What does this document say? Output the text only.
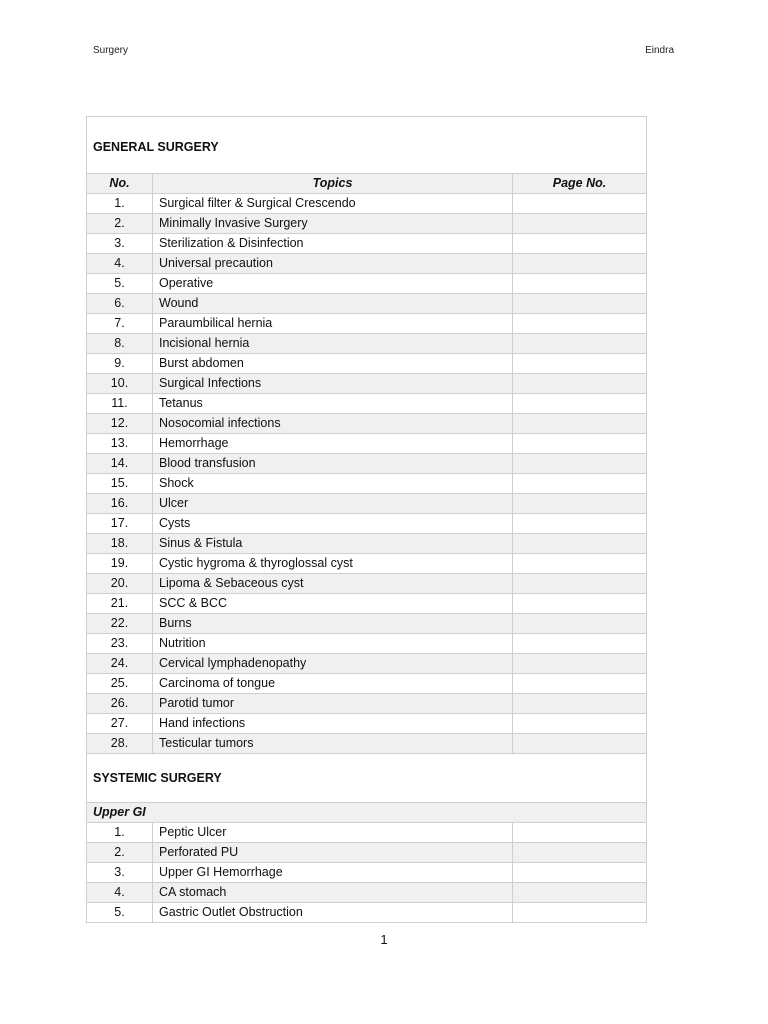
Surgery	Eindra
GENERAL SURGERY		
No.	Topics	Page No.
1.	Surgical filter & Surgical Crescendo	
2.	Minimally Invasive Surgery	
3.	Sterilization & Disinfection	
4.	Universal precaution	
5.	Operative	
6.	Wound	
7.	Paraumbilical hernia	
8.	Incisional hernia	
9.	Burst abdomen	
10.	Surgical Infections	
11.	Tetanus	
12.	Nosocomial infections	
13.	Hemorrhage	
14.	Blood transfusion	
15.	Shock	
16.	Ulcer	
17.	Cysts	
18.	Sinus & Fistula	
19.	Cystic hygroma & thyroglossal cyst	
20.	Lipoma & Sebaceous cyst	
21.	SCC & BCC	
22.	Burns	
23.	Nutrition	
24.	Cervical lymphadenopathy	
25.	Carcinoma of tongue	
26.	Parotid tumor	
27.	Hand infections	
28.	Testicular tumors	
SYSTEMIC SURGERY		
Upper GI		
1.	Peptic Ulcer	
2.	Perforated PU	
3.	Upper GI Hemorrhage	
4.	CA stomach	
5.	Gastric Outlet Obstruction	
1
